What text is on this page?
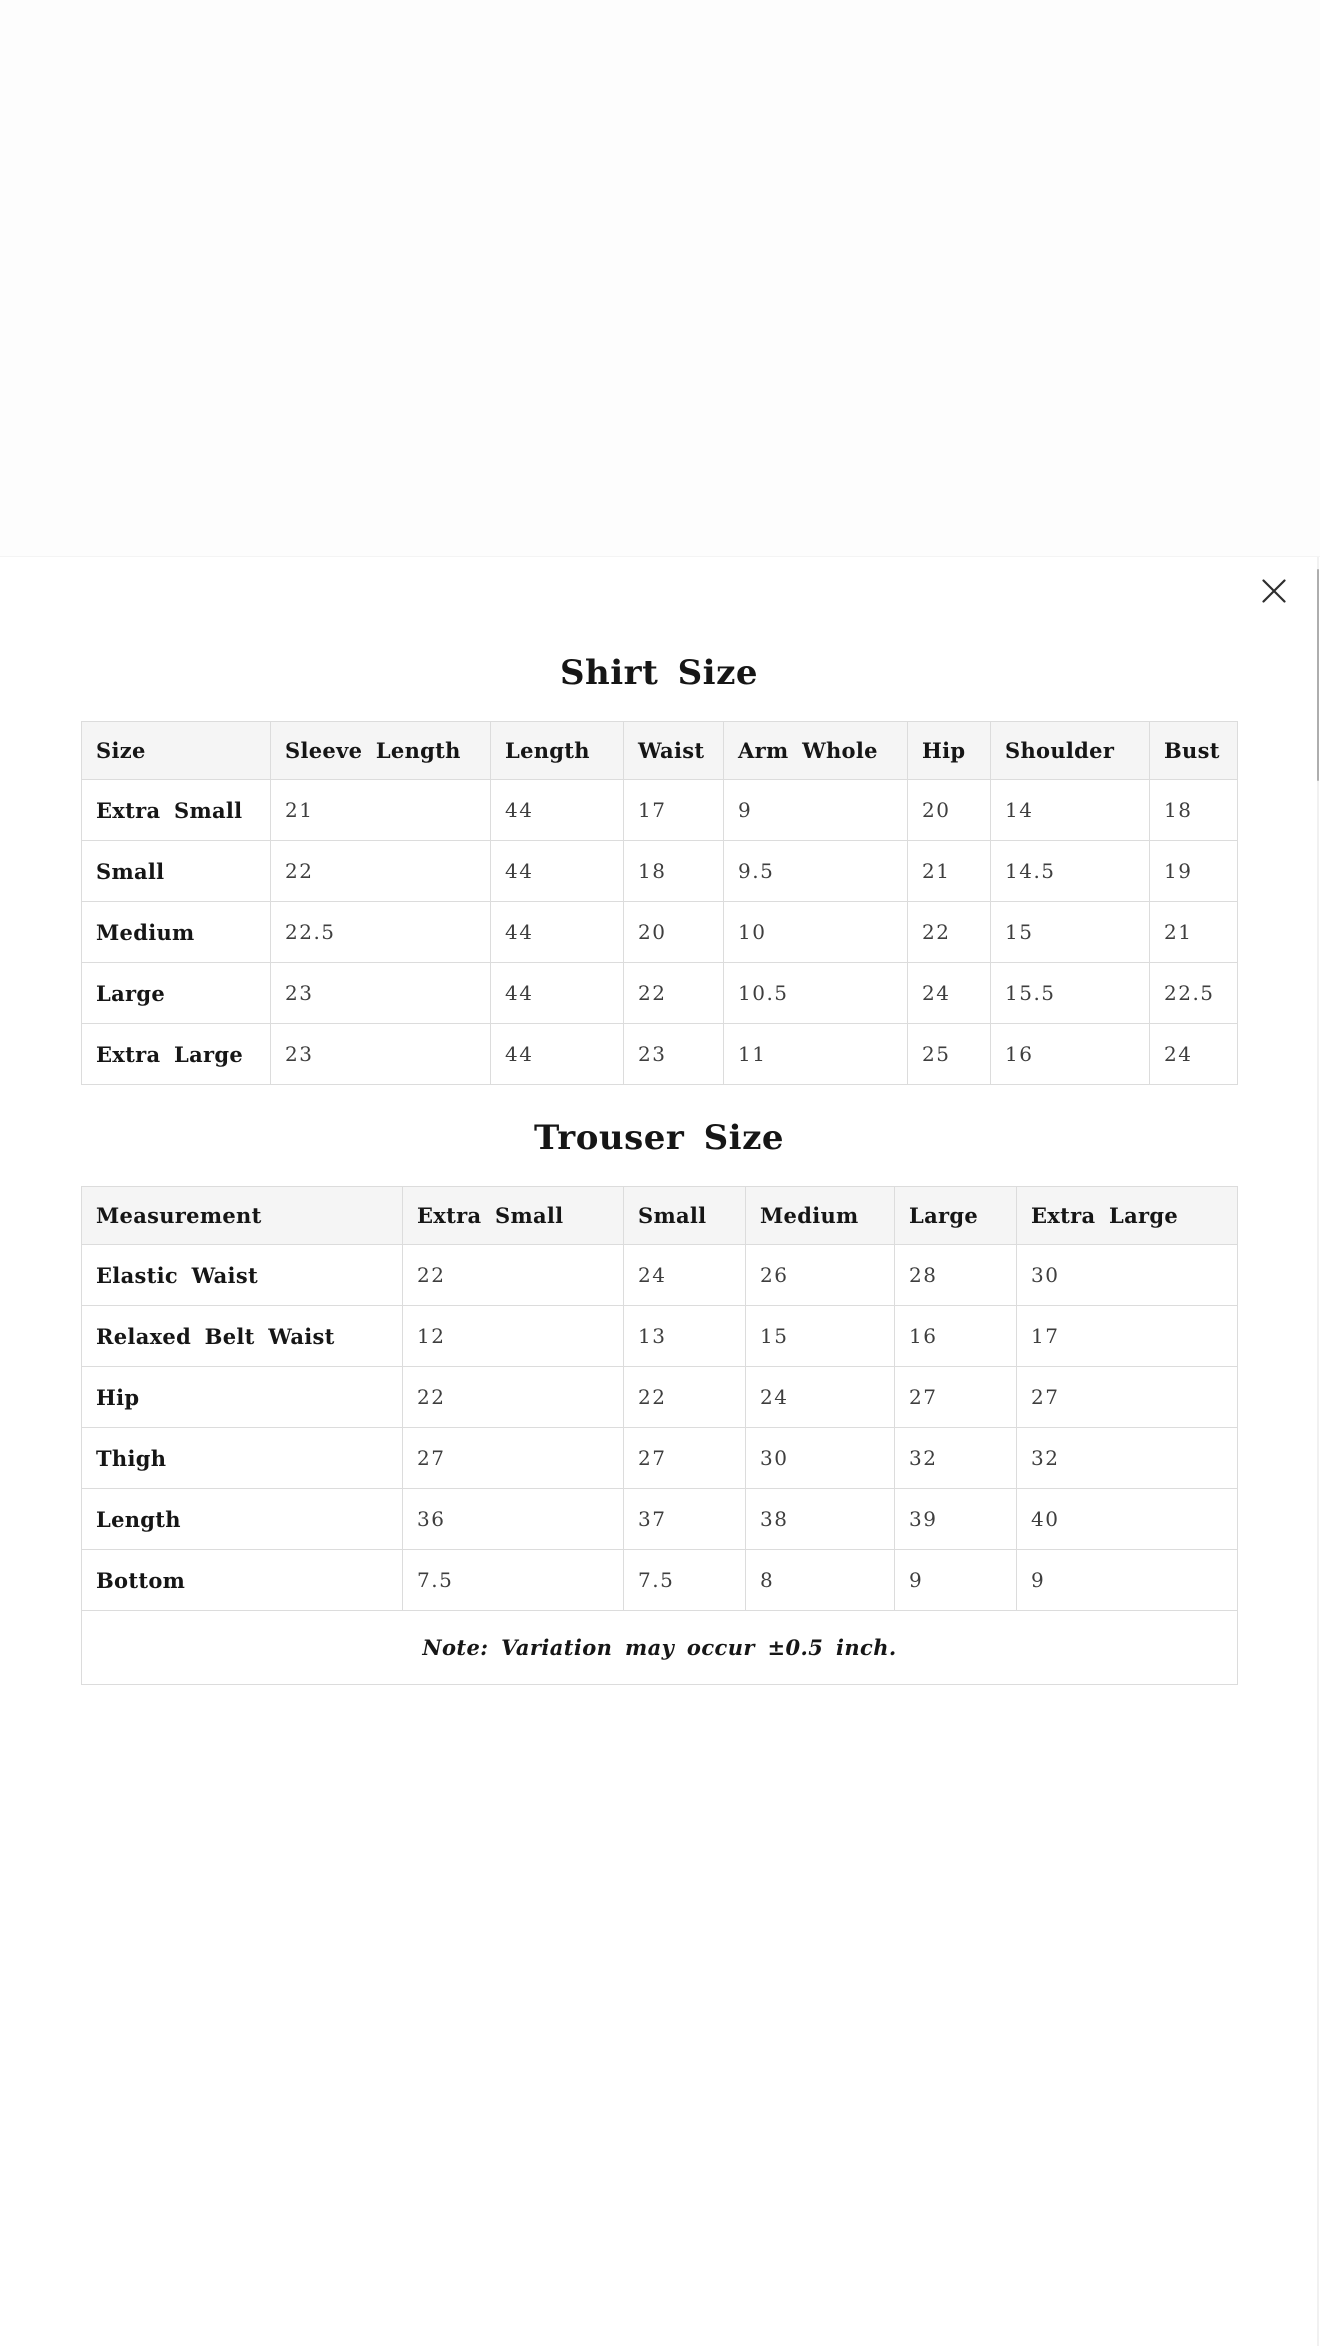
Shirt Size
Size	Sleeve Length	Length	Waist	Arm Whole	Hip	Shoulder	Bust
Extra Small	21	44	17	9	20	14	18
Small	22	44	18	9.5	21	14.5	19
Medium	22.5	44	20	10	22	15	21
Large	23	44	22	10.5	24	15.5	22.5
Extra Large	23	44	23	11	25	16	24
Trouser Size
Measurement	Extra Small	Small	Medium	Large	Extra Large
Elastic Waist	22	24	26	28	30
Relaxed Belt Waist	12	13	15	16	17
Hip	22	22	24	27	27
Thigh	27	27	30	32	32
Length	36	37	38	39	40
Bottom	7.5	7.5	8	9	9
Note: Variation may occur ±0.5 inch.					
